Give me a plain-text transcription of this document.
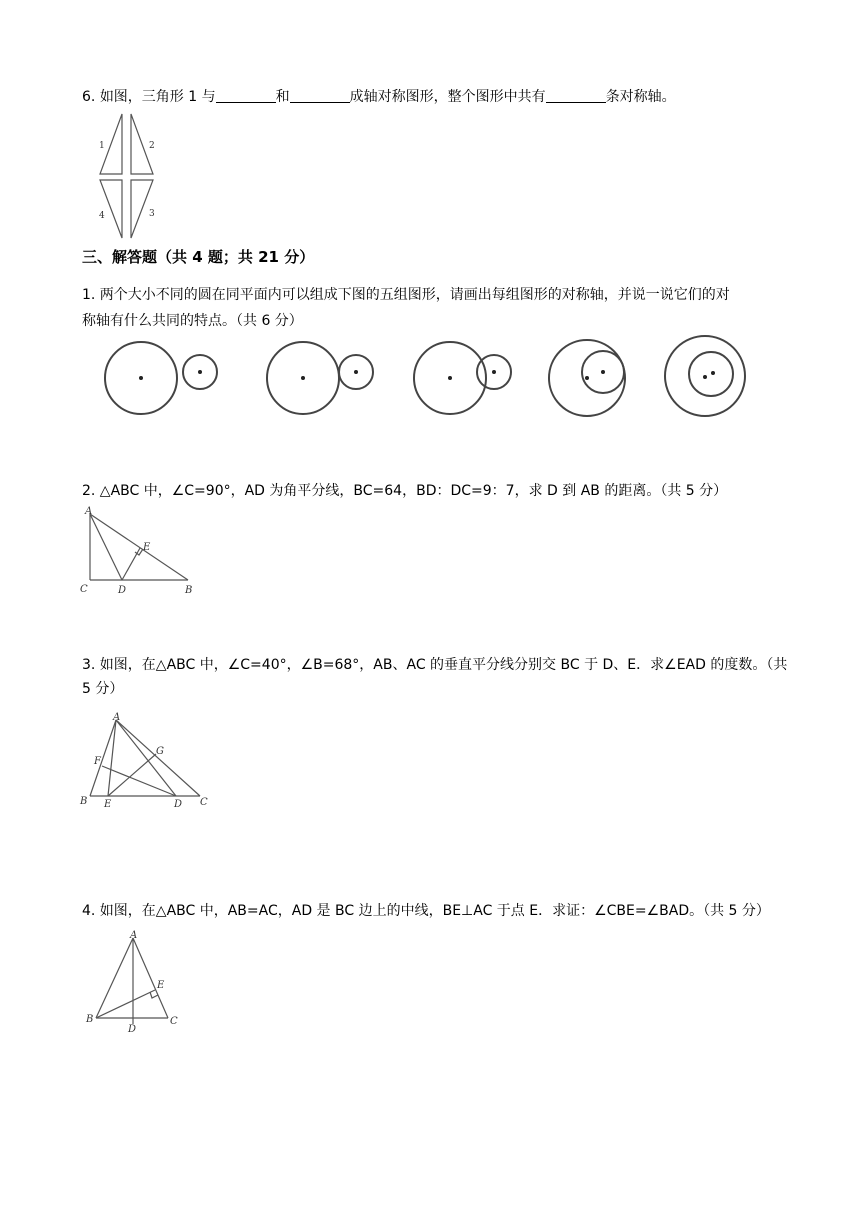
6. 如图，三角形 1 与	和	成轴对称图形，整个图形中共有	条对称轴。
1	2
4	3
三、解答题（共 4 题；共 21 分）
1. 两个大小不同的圆在同平面内可以组成下图的五组图形，请画出每组图形的对称轴，并说一说它们的对
称轴有什么共同的特点。（共 6 分）
2. △ABC 中，∠C=90°，AD 为角平分线，BC=64，BD：DC=9：7，求 D 到 AB 的距离。（共 5 分）
A
E
C	D	B
3. 如图，在△ABC 中，∠C=40°，∠B=68°，AB、AC 的垂直平分线分别交 BC 于 D、E．求∠EAD 的度数。（共
5 分）
A
G
F
B E	D C
4. 如图，在△ABC 中，AB=AC，AD 是 BC 边上的中线，BE⊥AC 于点 E．求证：∠CBE=∠BAD。（共 5 分）
A
E
B	C
D
